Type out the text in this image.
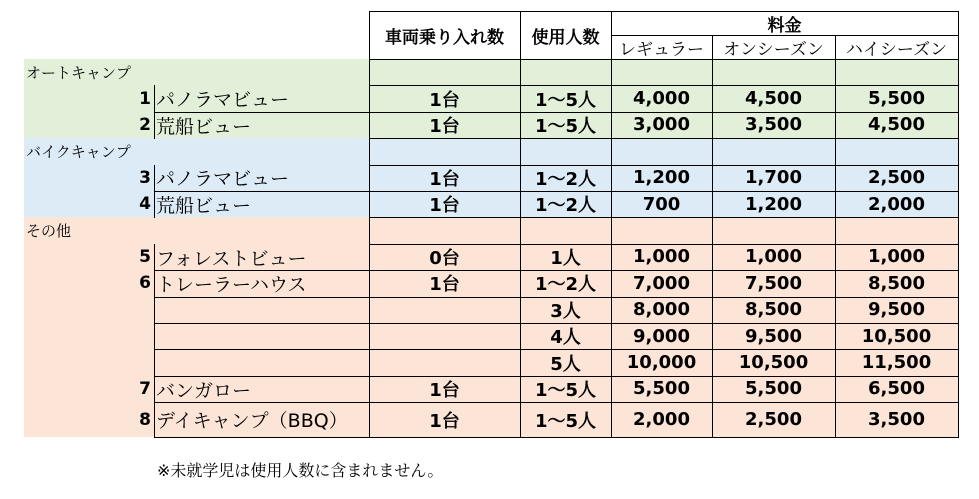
車両乗り入れ数	使用人数
料金
レギュラー	オンシーズン	ハイシーズン
オートキャンプ
1 パノラマビュー	1台	1～5人	4,000	4,500	5,500
2 荒船ビュー	1台	1～5人	3,000	3,500	4,500
バイクキャンプ
3 パノラマビュー	1台	1～2人	1,200	1,700	2,500
4 荒船ビュー	1台	1～2人	700	1,200	2,000
その他
5 フォレストビュー	0台	1人	1,000	1,000	1,000
6 トレーラーハウス	1台	1～2人	7,000	7,500	8,500
3人	8,000	8,500	9,500
4人	9,000	9,500	10,500
5人	10,000	10,500	11,500
7 バンガロー	1台	1～5人	5,500	5,500	6,500
8 デイキャンプ（BBQ）	1台	1～5人	2,000	2,500	3,500
※未就学児は使用人数に含まれません。
